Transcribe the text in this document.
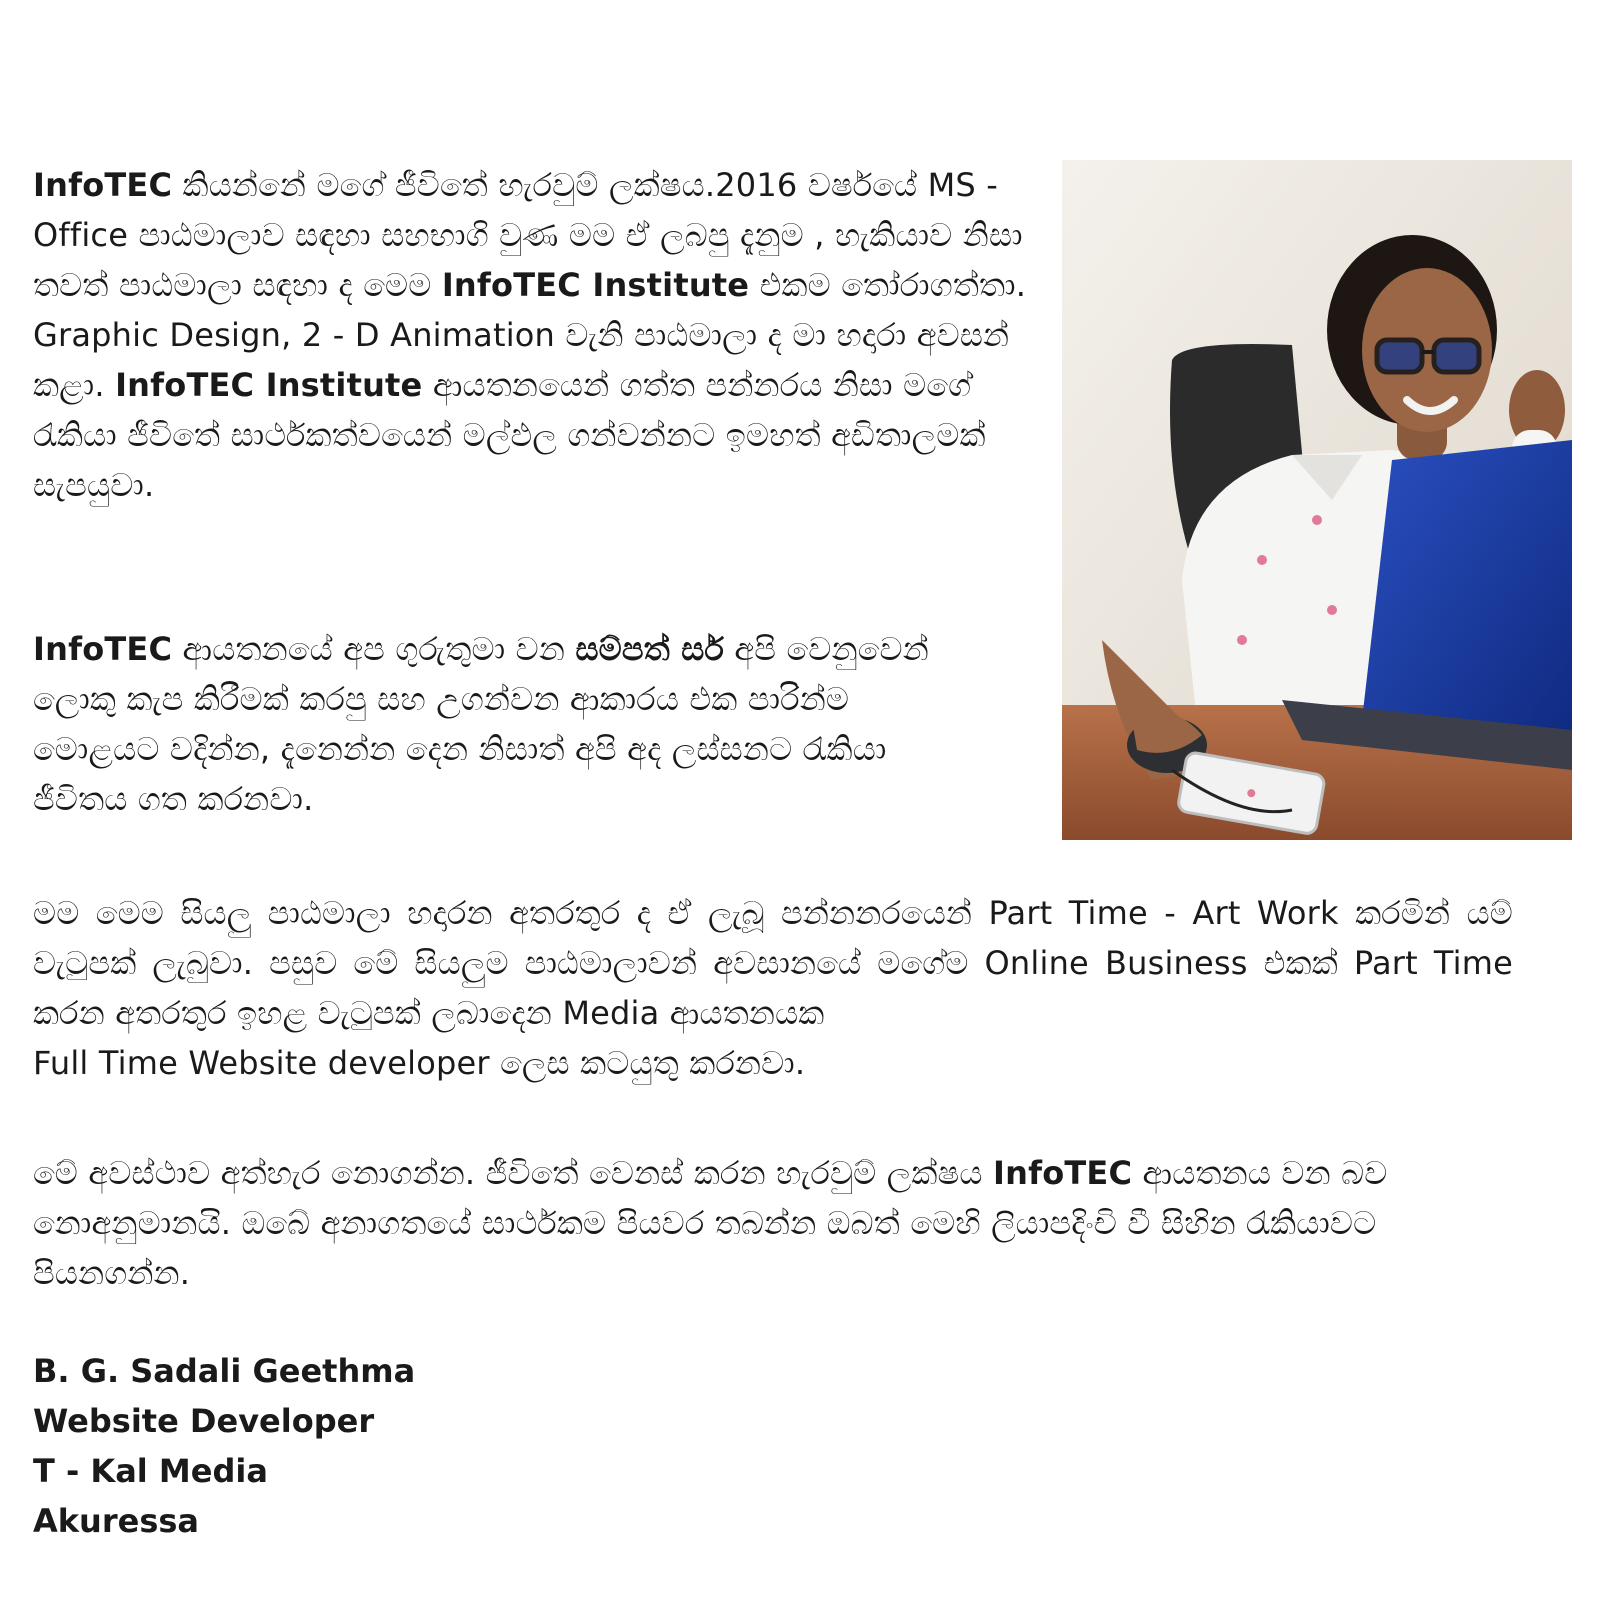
InfoTEC කියන්නේ මගේ ජීවිතේ හැරවුම් ලක්ෂය.2016 වර්ෂයේ MS - Office පාඨමාලාව සඳහා සහභාගි වුණ මම ඒ ලබපු දැනුම , හැකියාව නිසා තවත් පාඨමාලා සඳහා ද මෙම InfoTEC Institute එකම තෝරාගත්තා. Graphic Design, 2 - D Animation වැනි පාඨමාලා ද මා හදාරා අවසන් කළා. InfoTEC Institute ආයතනයෙන් ගත්ත පන්නරය නිසා මගේ රැකියා ජීවිතේ සාර්ථකත්වයෙන් මල්ඵල ගන්වන්නට ඉමහත් අඩිතාලමක් සැපයුවා.

InfoTEC ආයතනයේ අප ගුරුතුමා වන සම්පත් සර් අපි වෙනුවෙන් ලොකු කැප කිරීමක් කරපු සහ උගන්වන ආකාරය එක පාරින්ම මොළයට වදින්න, දැනෙන්න දෙන නිසාත් අපි අද ලස්සනට රැකියා ජීවිතය ගත කරනවා.

මම මෙම සියලු පාඨමාලා හදාරන අතරතුර ද ඒ ලැබූ පන්නනරයෙන් Part Time - Art Work කරමින් යම් වැටුපක් ලැබුවා. පසුව මේ සියලුම පාඨමාලාවන් අවසානයේ මගේම Online Business එකක් Part Time කරන අතරතුර ඉහළ වැටුපක් ලබාදෙන Media ආයතනයක
Full Time Website developer ලෙස කටයුතු කරනවා.

මේ අවස්ථාව අත්හැර නොගන්න. ජීවිතේ වෙනස් කරන හැරවුම් ලක්ෂය InfoTEC ආයතනය වන බව නොඅනුමානයි. ඔබේ අනාගතයේ සාර්ථකම පියවර තබන්න ඔබත් මෙහි ලියාපදිංචි වී සිහින රැකියාවට පියනගන්න.

B. G. Sadali Geethma
Website Developer
T - Kal Media
Akuressa
